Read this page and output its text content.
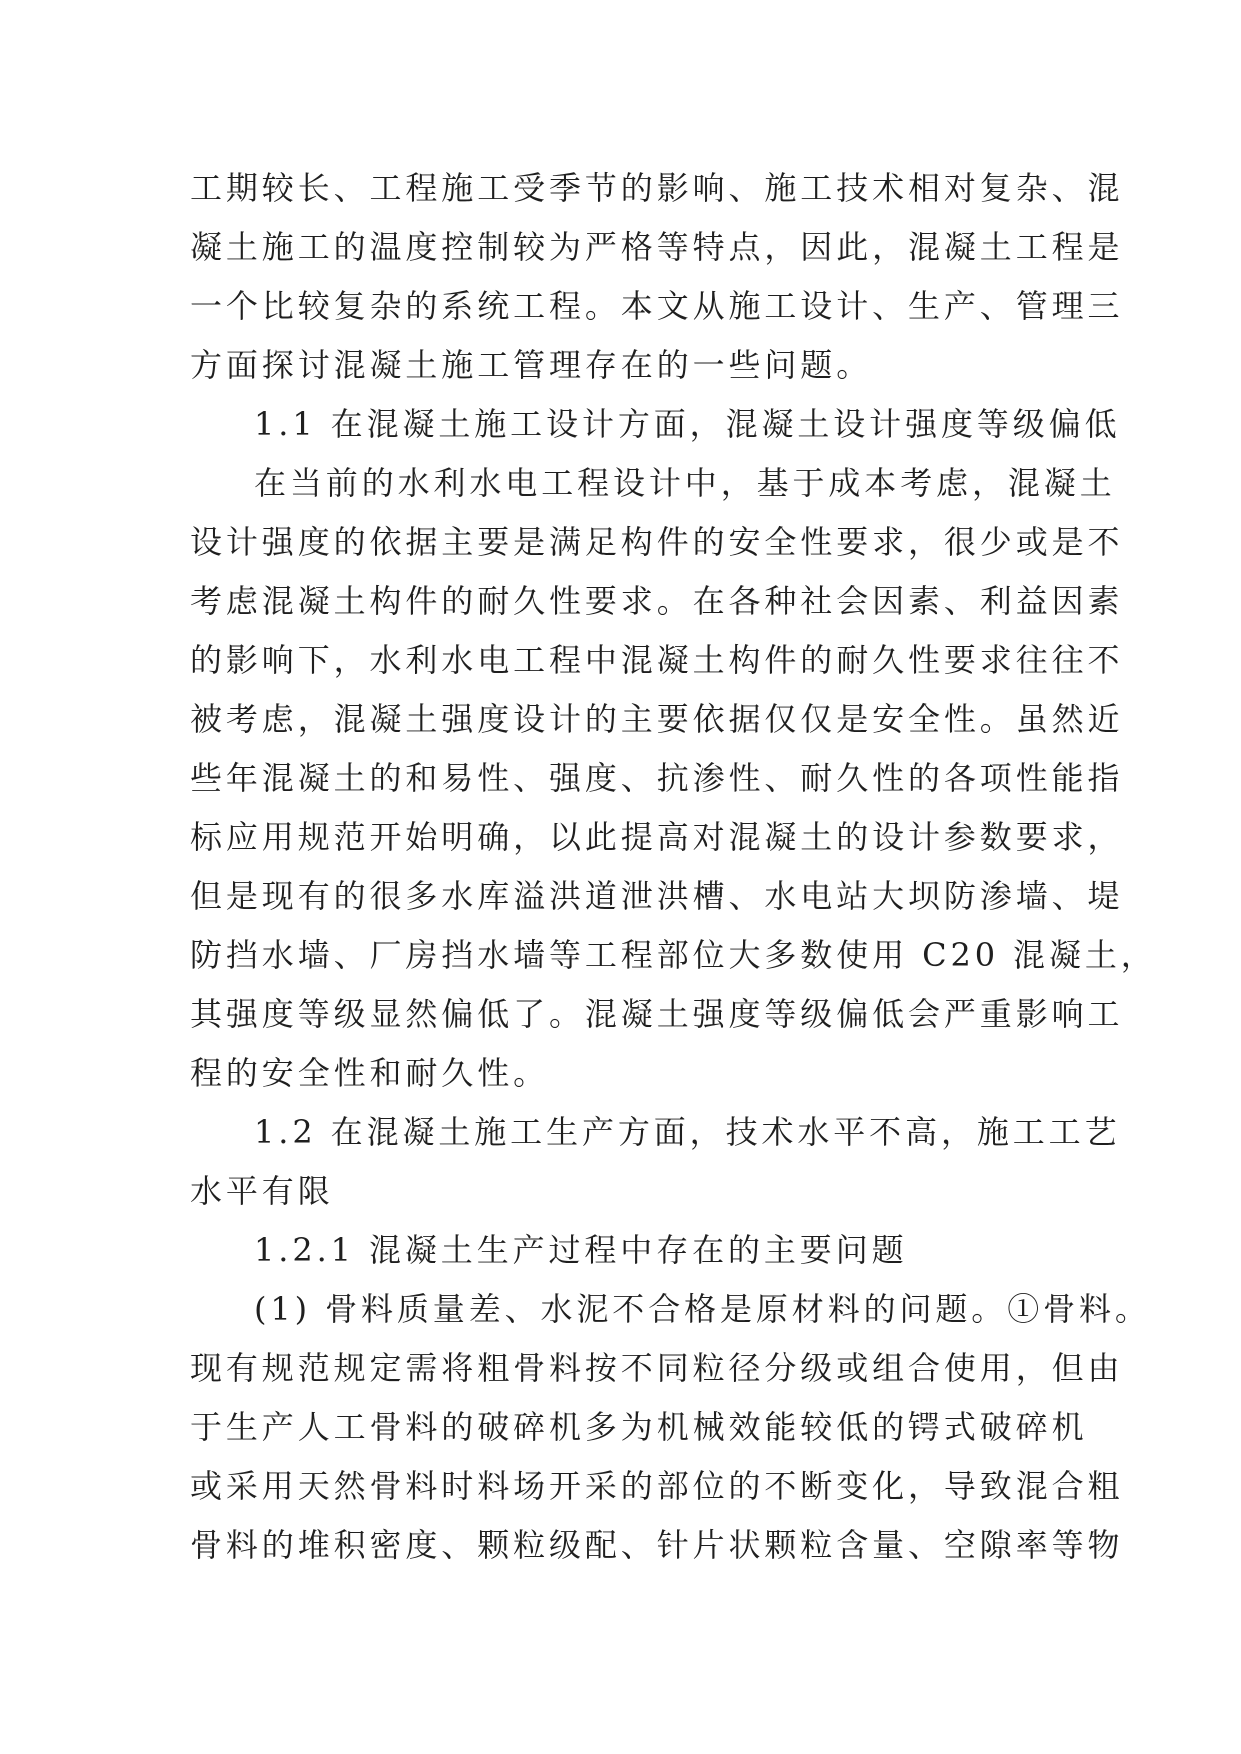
工期较长、工程施工受季节的影响、施工技术相对复杂、混
凝土施工的温度控制较为严格等特点，因此，混凝土工程是
一个比较复杂的系统工程。本文从施工设计、生产、管理三
方面探讨混凝土施工管理存在的一些问题。
1.1 在混凝土施工设计方面，混凝土设计强度等级偏低
在当前的水利水电工程设计中，基于成本考虑，混凝土
设计强度的依据主要是满足构件的安全性要求，很少或是不
考虑混凝土构件的耐久性要求。在各种社会因素、利益因素
的影响下，水利水电工程中混凝土构件的耐久性要求往往不
被考虑，混凝土强度设计的主要依据仅仅是安全性。虽然近
些年混凝土的和易性、强度、抗渗性、耐久性的各项性能指
标应用规范开始明确，以此提高对混凝土的设计参数要求，
但是现有的很多水库溢洪道泄洪槽、水电站大坝防渗墙、堤
防挡水墙、厂房挡水墙等工程部位大多数使用 C20 混凝土，
其强度等级显然偏低了。混凝土强度等级偏低会严重影响工
程的安全性和耐久性。
1.2 在混凝土施工生产方面，技术水平不高，施工工艺
水平有限
1.2.1 混凝土生产过程中存在的主要问题
(1) 骨料质量差、水泥不合格是原材料的问题。①骨料。
现有规范规定需将粗骨料按不同粒径分级或组合使用，但由
于生产人工骨料的破碎机多为机械效能较低的锷式破碎机
或采用天然骨料时料场开采的部位的不断变化，导致混合粗
骨料的堆积密度、颗粒级配、针片状颗粒含量、空隙率等物
